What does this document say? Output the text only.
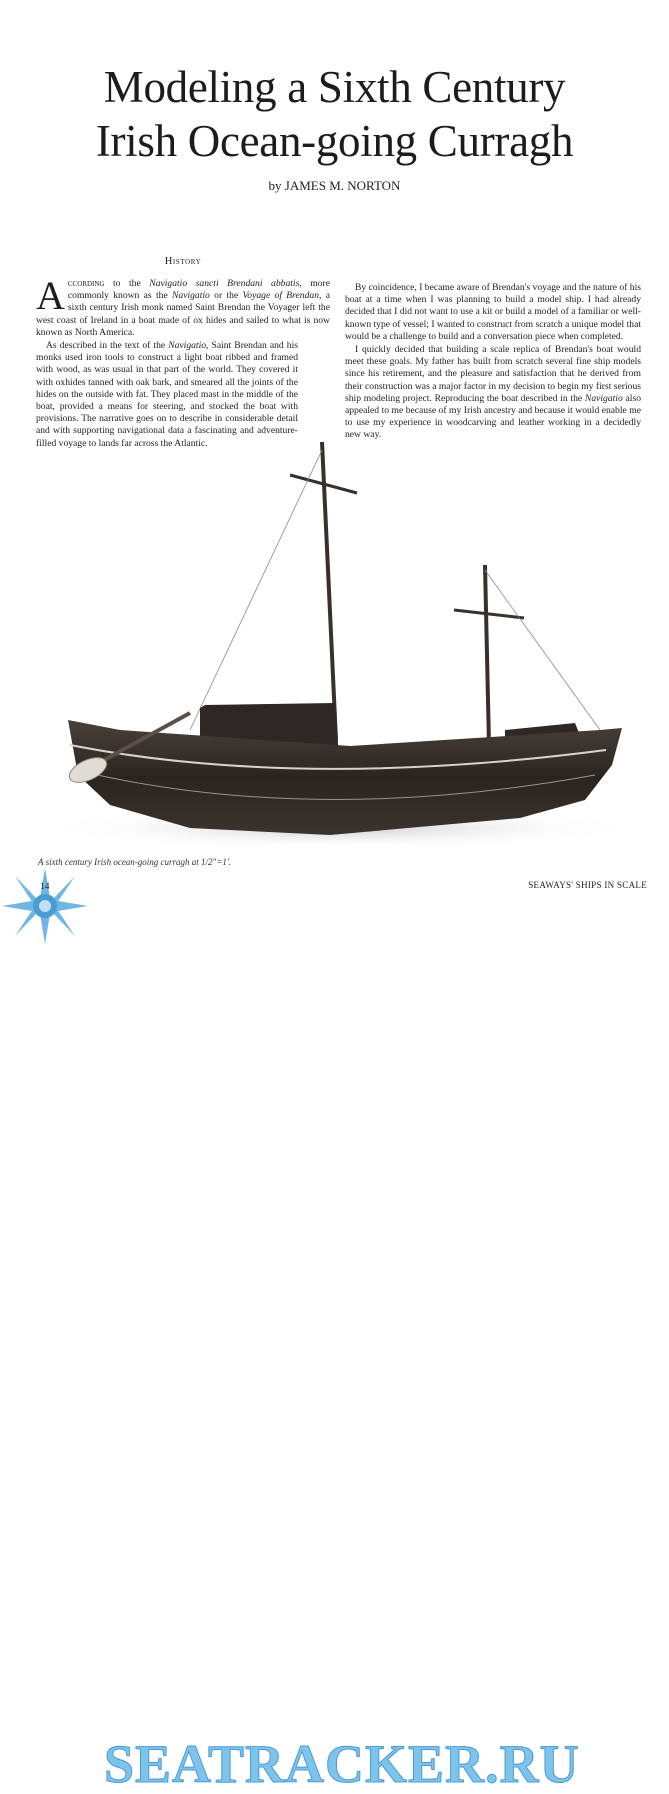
Modeling a Sixth Century
Irish Ocean-going Curragh
by JAMES M. NORTON
History

According to the Navigatio sancti Brendani abbatis, more commonly known as the Navigatio or the Voyage of Brendan, a sixth century Irish monk named Saint Brendan the Voyager left the west coast of Ireland in a boat made of ox hides and sailed to what is now known as North America.

As described in the text of the Navigatio, Saint Brendan and his monks used iron tools to construct a light boat ribbed and framed with wood, as was usual in that part of the world. They covered it with oxhides tanned with oak bark, and smeared all the joints of the hides on the outside with fat. They placed mast in the middle of the boat, provided a means for steering, and stocked the boat with provisions. The narrative goes on to describe in considerable detail and with supporting navigational data a fascinating and adventure-filled voyage to lands far across the Atlantic.

By coincidence, I became aware of Brendan's voyage and the nature of his boat at a time when I was planning to build a model ship. I had already decided that I did not want to use a kit or build a model of a familiar or well-known type of vessel; I wanted to construct from scratch a unique model that would be a challenge to build and a conversation piece when completed.

I quickly decided that building a scale replica of Brendan's boat would meet these goals. My father has built from scratch several fine ship models since his retirement, and the pleasure and satisfaction that he derived from their construction was a major factor in my decision to begin my first serious ship modeling project. Reproducing the boat described in the Navigatio also appealed to me because of my Irish ancestry and because it would enable me to use my experience in woodcarving and leather working in a decidedly new way.

A sixth century Irish ocean-going curragh at 1/2"=1'.
SEATRACKER.RU
14	SEAWAYS' SHIPS IN SCALE
